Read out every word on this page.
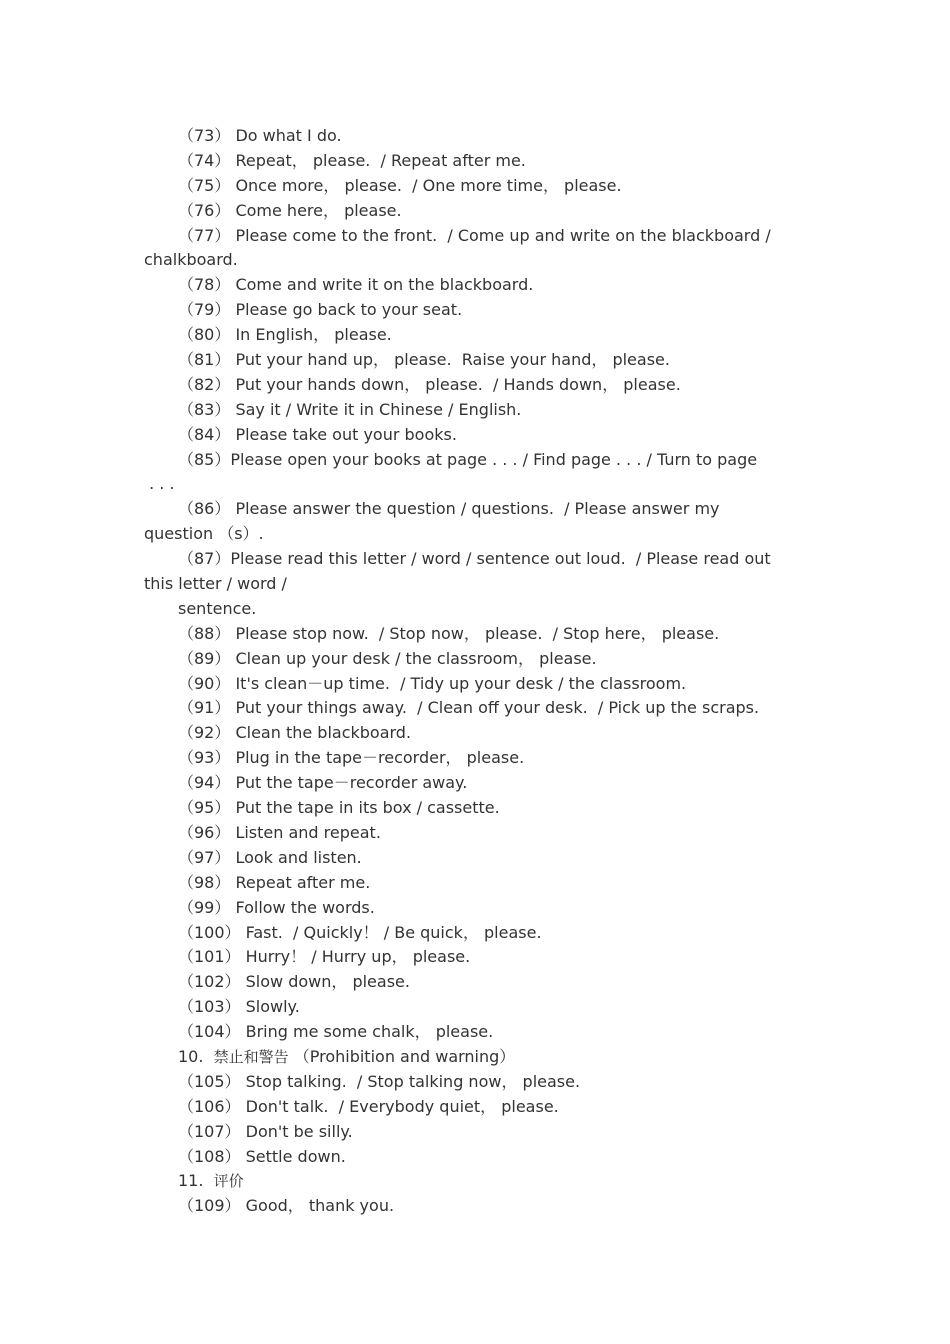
（73） Do what I do.
（74） Repeat， please.  / Repeat after me.
（75） Once more， please.  / One more time， please.
（76） Come here， please.
（77） Please come to the front.  / Come up and write on the blackboard /
chalkboard.
（78） Come and write it on the blackboard.
（79） Please go back to your seat.
（80） In English， please.
（81） Put your hand up， please.  Raise your hand， please.
（82） Put your hands down， please.  / Hands down， please.
（83） Say it / Write it in Chinese / English.
（84） Please take out your books.
（85）Please open your books at page . . . / Find page . . . / Turn to page
. . .
（86） Please answer the question / questions.  / Please answer my
question （s）.
（87）Please read this letter / word / sentence out loud.  / Please read out
this letter / word /
sentence.
（88） Please stop now.  / Stop now， please.  / Stop here， please.
（89） Clean up your desk / the classroom， please.
（90） It's clean－up time.  / Tidy up your desk / the classroom.
（91） Put your things away.  / Clean off your desk.  / Pick up the scraps.
（92） Clean the blackboard.
（93） Plug in the tape－recorder， please.
（94） Put the tape－recorder away.
（95） Put the tape in its box / cassette.
（96） Listen and repeat.
（97） Look and listen.
（98） Repeat after me.
（99） Follow the words.
（100） Fast.  / Quickly！ / Be quick， please.
（101） Hurry！ / Hurry up， please.
（102） Slow down， please.
（103） Slowly.
（104） Bring me some chalk， please.
10. 禁止和警告 （Prohibition and warning）
（105） Stop talking.  / Stop talking now， please.
（106） Don't talk.  / Everybody quiet， please.
（107） Don't be silly.
（108） Settle down.
11. 评价
（109） Good， thank you.
